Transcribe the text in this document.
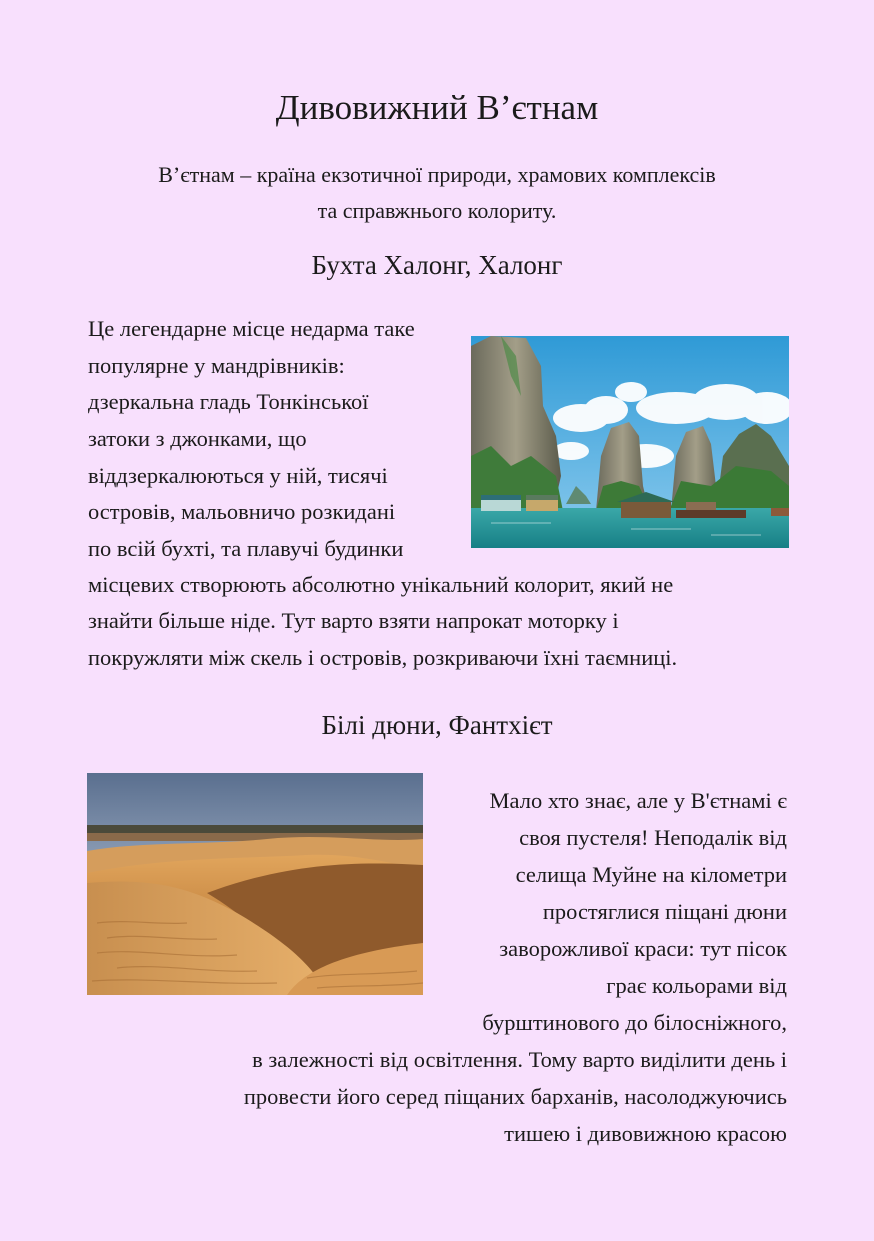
Дивовижний В’єтнам
В’єтнам – країна екзотичної природи, храмових комплексів
та справжнього колориту.
Бухта Халонг, Халонг
Це легендарне місце недарма таке
популярне у мандрівників:
дзеркальна гладь Тонкінської
затоки з джонками, що
віддзеркалюються у ній, тисячі
островів, мальовничо розкидані
по всій бухті, та плавучі будинки
місцевих створюють абсолютно унікальний колорит, який не
знайти більше ніде. Тут варто взяти напрокат моторку і
покружляти між скель і островів, розкриваючи їхні таємниці.
Білі дюни, Фантхієт
Мало хто знає, але у В'єтнамі є
своя пустеля! Неподалік від
селища Муйне на кілометри
простяглися піщані дюни
заворожливої краси: тут пісок
грає кольорами від
бурштинового до білосніжного,
в залежності від освітлення. Тому варто виділити день і
провести його серед піщаних барханів, насолоджуючись
тишею і дивовижною красою
